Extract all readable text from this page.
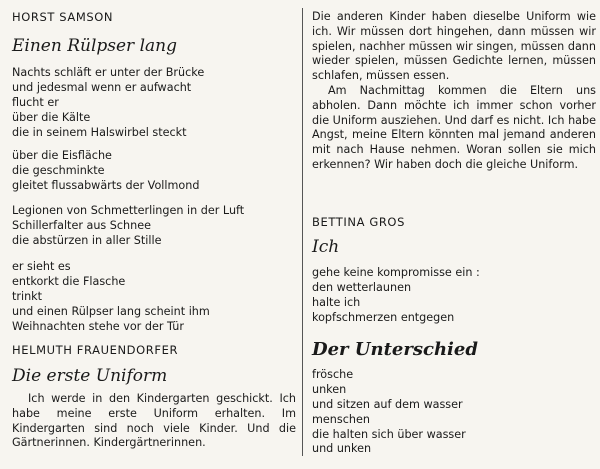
HORST SAMSON
Einen Rülpser lang
Nachts schläft er unter der Brücke
und jedesmal wenn er aufwacht
flucht er
über die Kälte
die in seinem Halswirbel steckt
über die Eisfläche
die geschminkte
gleitet flussabwärts der Vollmond
Legionen von Schmetterlingen in der Luft
Schillerfalter aus Schnee
die abstürzen in aller Stille
er sieht es
entkorkt die Flasche
trinkt
und einen Rülpser lang scheint ihm
Weihnachten stehe vor der Tür
HELMUTH FRAUENDORFER
Die erste Uniform

Ich werde in den Kindergarten geschickt. Ich habe meine erste Uniform erhalten. Im Kindergarten sind noch viele Kinder. Und die Gärtnerinnen. Kindergärtnerinnen.

Die anderen Kinder haben dieselbe Uniform wie ich. Wir müssen dort hingehen, dann müssen wir spielen, nachher müssen wir singen, müssen dann wieder spielen, müssen Gedichte lernen, müssen schlafen, müssen essen.

Am Nachmittag kommen die Eltern uns abholen. Dann möchte ich immer schon vorher die Uniform ausziehen. Und darf es nicht. Ich habe Angst, meine Eltern könnten mal jemand anderen mit nach Hause nehmen. Woran sollen sie mich erkennen? Wir haben doch die gleiche Uniform.

BETTINA GROS
Ich
gehe keine kompromisse ein :
den wetterlaunen
halte ich
kopfschmerzen entgegen
Der Unterschied
frösche
unken
und sitzen auf dem wasser
menschen
die halten sich über wasser
und unken
